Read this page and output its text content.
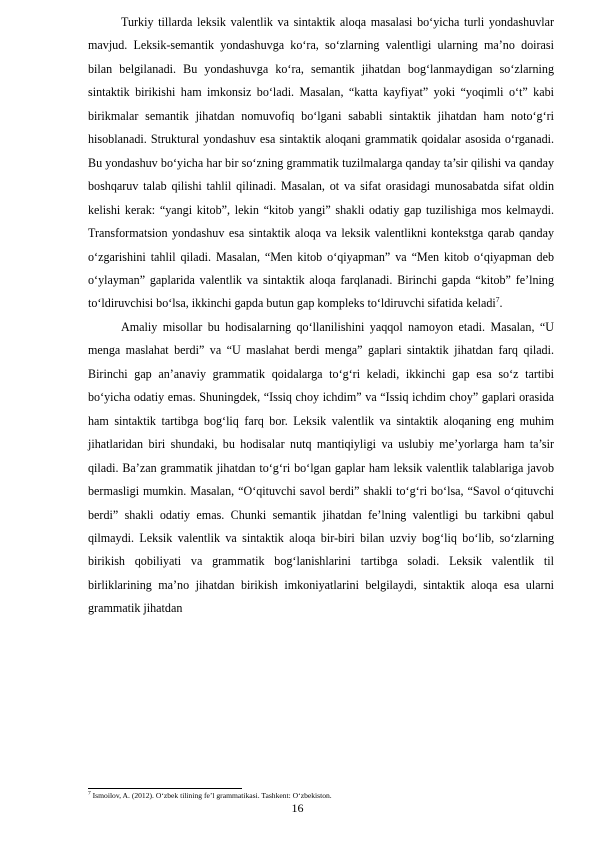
Turkiy tillarda leksik valentlik va sintaktik aloqa masalasi bo‘yicha turli yondashuvlar mavjud. Leksik-semantik yondashuvga ko‘ra, so‘zlarning valentligi ularning ma’no doirasi bilan belgilanadi. Bu yondashuvga ko‘ra, semantik jihatdan bog‘lanmaydigan so‘zlarning sintaktik birikishi ham imkonsiz bo‘ladi. Masalan, “katta kayfiyat” yoki “yoqimli o‘t” kabi birikmalar semantik jihatdan nomuvofiq bo‘lgani sababli sintaktik jihatdan ham noto‘g‘ri hisoblanadi. Struktural yondashuv esa sintaktik aloqani grammatik qoidalar asosida o‘rganadi. Bu yondashuv bo‘yicha har bir so‘zning grammatik tuzilmalarga qanday ta’sir qilishi va qanday boshqaruv talab qilishi tahlil qilinadi. Masalan, ot va sifat orasidagi munosabatda sifat oldin kelishi kerak: “yangi kitob”, lekin “kitob yangi” shakli odatiy gap tuzilishiga mos kelmaydi. Transformatsion yondashuv esa sintaktik aloqa va leksik valentlikni kontekstga qarab qanday o‘zgarishini tahlil qiladi. Masalan, “Men kitob o‘qiyapman” va “Men kitob o‘qiyapman deb o‘ylayman” gaplarida valentlik va sintaktik aloqa farqlanadi. Birinchi gapda “kitob” fe’lning to‘ldiruvchisi bo‘lsa, ikkinchi gapda butun gap kompleks to‘ldiruvchi sifatida keladi$^7$.

Amaliy misollar bu hodisalarning qo‘llanilishini yaqqol namoyon etadi. Masalan, “U menga maslahat berdi” va “U maslahat berdi menga” gaplari sintaktik jihatdan farq qiladi. Birinchi gap an’anaviy grammatik qoidalarga to‘g‘ri keladi, ikkinchi gap esa so‘z tartibi bo‘yicha odatiy emas. Shuningdek, “Issiq choy ichdim” va “Issiq ichdim choy” gaplari orasida ham sintaktik tartibga bog‘liq farq bor. Leksik valentlik va sintaktik aloqaning eng muhim jihatlaridan biri shundaki, bu hodisalar nutq mantiqiyligi va uslubiy me’yorlarga ham ta’sir qiladi. Ba’zan grammatik jihatdan to‘g‘ri bo‘lgan gaplar ham leksik valentlik talablariga javob bermasligi mumkin. Masalan, “O‘qituvchi savol berdi” shakli to‘g‘ri bo‘lsa, “Savol o‘qituvchi berdi” shakli odatiy emas. Chunki semantik jihatdan fe’lning valentligi bu tarkibni qabul qilmaydi. Leksik valentlik va sintaktik aloqa bir-biri bilan uzviy bog‘liq bo‘lib, so‘zlarning birikish qobiliyati va grammatik bog‘lanishlarini tartibga soladi. Leksik valentlik til birliklarining ma’no jihatdan birikish imkoniyatlarini belgilaydi, sintaktik aloqa esa ularni grammatik jihatdan

$^7$ Ismoilov, A. (2012). O‘zbek tilining fe’l grammatikasi. Tashkent: O‘zbekiston.
16
